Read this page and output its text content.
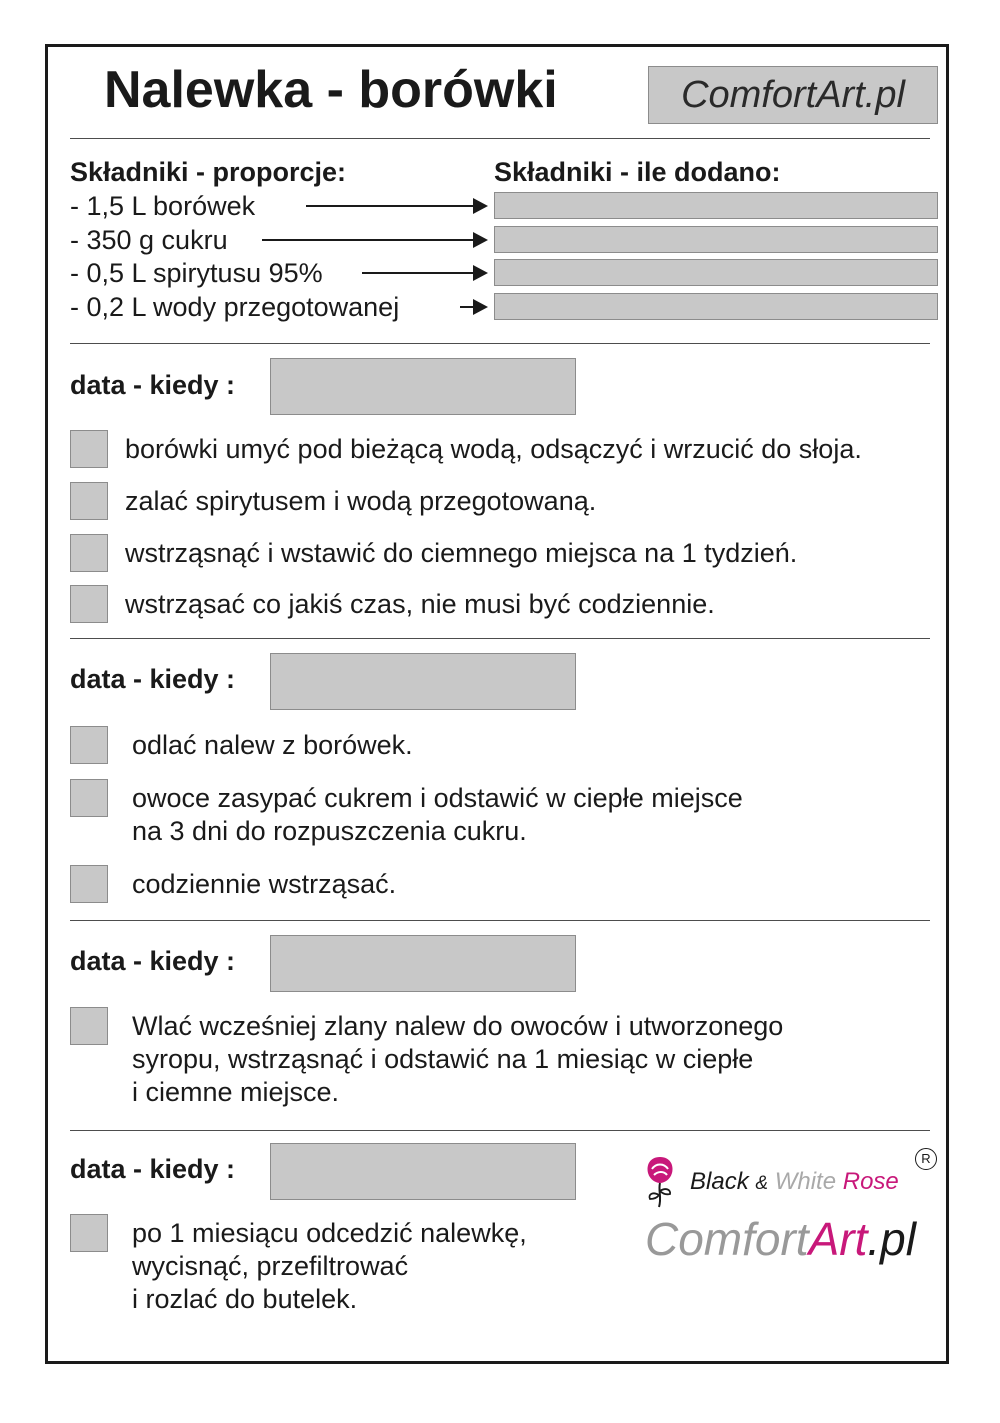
Nalewka - borówki	ComfortArt.pl
Składniki - proporcje:	Składniki - ile dodano:
- 1,5 L borówek
- 350 g cukru
- 0,5 L spirytusu 95%
- 0,2 L wody przegotowanej
data - kiedy :
borówki umyć pod bieżącą wodą, odsączyć i wrzucić do słoja.
zalać spirytusem i wodą przegotowaną.
wstrząsnąć i wstawić do ciemnego miejsca na 1 tydzień.
wstrząsać co jakiś czas, nie musi być codziennie.
data - kiedy :
odlać nalew z borówek.
owoce zasypać cukrem i odstawić w ciepłe miejsce
na 3 dni do rozpuszczenia cukru.
codziennie wstrząsać.
data - kiedy :
Wlać wcześniej zlany nalew do owoców i utworzonego
syropu, wstrząsnąć i odstawić na 1 miesiąc w ciepłe
i ciemne miejsce.
data - kiedy :
po 1 miesiącu odcedzić nalewkę,
wycisnąć, przefiltrować
i rozlać do butelek.
Black & White Rose
R
ComfortArt.pl
